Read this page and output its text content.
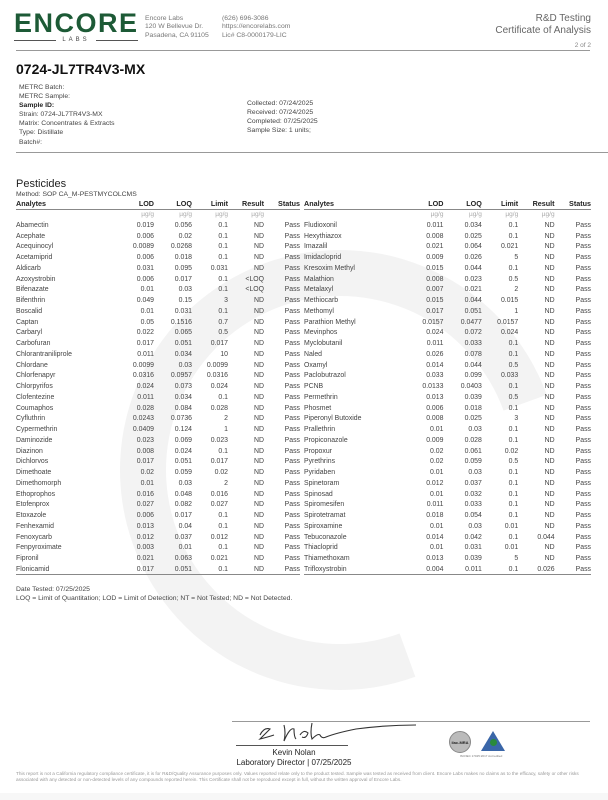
ENCORE
LABS
Encore Labs
120 W Bellevue Dr.
Pasadena, CA 91105
(626) 696-3086
https://encorelabs.com
Lic# C8-0000179-LIC
R&D Testing
Certificate of Analysis
2 of 2
0724-JL7TR4V3-MX
METRC Batch:
METRC Sample:
Sample ID:
Strain: 0724-JL7TR4V3-MX
Matrix: Concentrates & Extracts
Type: Distillate
Batch#:
Collected: 07/24/2025
Received: 07/24/2025
Completed: 07/25/2025
Sample Size: 1 units;
Pesticides
Method: SOP CA_M-PESTMYCOLCMS
Analytes	LOD	LOQ	Limit	Result	Status
	µg/g	µg/g	µg/g	µg/g	
Abamectin	0.019	0.056	0.1	ND	Pass
Acephate	0.006	0.02	0.1	ND	Pass
Acequinocyl	0.0089	0.0268	0.1	ND	Pass
Acetamiprid	0.006	0.018	0.1	ND	Pass
Aldicarb	0.031	0.095	0.031	ND	Pass
Azoxystrobin	0.006	0.017	0.1	<LOQ	Pass
Bifenazate	0.01	0.03	0.1	<LOQ	Pass
Bifenthrin	0.049	0.15	3	ND	Pass
Boscalid	0.01	0.031	0.1	ND	Pass
Captan	0.05	0.1516	0.7	ND	Pass
Carbaryl	0.022	0.065	0.5	ND	Pass
Carbofuran	0.017	0.051	0.017	ND	Pass
Chlorantraniliprole	0.011	0.034	10	ND	Pass
Chlordane	0.0099	0.03	0.0099	ND	Pass
Chlorfenapyr	0.0316	0.0957	0.0316	ND	Pass
Chlorpyrifos	0.024	0.073	0.024	ND	Pass
Clofentezine	0.011	0.034	0.1	ND	Pass
Coumaphos	0.028	0.084	0.028	ND	Pass
Cyfluthrin	0.0243	0.0736	2	ND	Pass
Cypermethrin	0.0409	0.124	1	ND	Pass
Daminozide	0.023	0.069	0.023	ND	Pass
Diazinon	0.008	0.024	0.1	ND	Pass
Dichlorvos	0.017	0.051	0.017	ND	Pass
Dimethoate	0.02	0.059	0.02	ND	Pass
Dimethomorph	0.01	0.03	2	ND	Pass
Ethoprophos	0.016	0.048	0.016	ND	Pass
Etofenprox	0.027	0.082	0.027	ND	Pass
Etoxazole	0.006	0.017	0.1	ND	Pass
Fenhexamid	0.013	0.04	0.1	ND	Pass
Fenoxycarb	0.012	0.037	0.012	ND	Pass
Fenpyroximate	0.003	0.01	0.1	ND	Pass
Fipronil	0.021	0.063	0.021	ND	Pass
Flonicamid	0.017	0.051	0.1	ND	Pass
Analytes	LOD	LOQ	Limit	Result	Status
	µg/g	µg/g	µg/g	µg/g	
Fludioxonil	0.011	0.034	0.1	ND	Pass
Hexythiazox	0.008	0.025	0.1	ND	Pass
Imazalil	0.021	0.064	0.021	ND	Pass
Imidacloprid	0.009	0.026	5	ND	Pass
Kresoxim Methyl	0.015	0.044	0.1	ND	Pass
Malathion	0.008	0.023	0.5	ND	Pass
Metalaxyl	0.007	0.021	2	ND	Pass
Methiocarb	0.015	0.044	0.015	ND	Pass
Methomyl	0.017	0.051	1	ND	Pass
Parathion Methyl	0.0157	0.0477	0.0157	ND	Pass
Mevinphos	0.024	0.072	0.024	ND	Pass
Myclobutanil	0.011	0.033	0.1	ND	Pass
Naled	0.026	0.078	0.1	ND	Pass
Oxamyl	0.014	0.044	0.5	ND	Pass
Paclobutrazol	0.033	0.099	0.033	ND	Pass
PCNB	0.0133	0.0403	0.1	ND	Pass
Permethrin	0.013	0.039	0.5	ND	Pass
Phosmet	0.006	0.018	0.1	ND	Pass
Piperonyl Butoxide	0.008	0.025	3	ND	Pass
Prallethrin	0.01	0.03	0.1	ND	Pass
Propiconazole	0.009	0.028	0.1	ND	Pass
Propoxur	0.02	0.061	0.02	ND	Pass
Pyrethrins	0.02	0.059	0.5	ND	Pass
Pyridaben	0.01	0.03	0.1	ND	Pass
Spinetoram	0.012	0.037	0.1	ND	Pass
Spinosad	0.01	0.032	0.1	ND	Pass
Spiromesifen	0.011	0.033	0.1	ND	Pass
Spirotetramat	0.018	0.054	0.1	ND	Pass
Spiroxamine	0.01	0.03	0.01	ND	Pass
Tebuconazole	0.014	0.042	0.1	0.044	Pass
Thiacloprid	0.01	0.031	0.01	ND	Pass
Thiamethoxam	0.013	0.039	5	ND	Pass
Trifloxystrobin	0.004	0.011	0.1	0.026	Pass
Date Tested: 07/25/2025
LOQ = Limit of Quantitation; LOD = Limit of Detection; NT = Not Tested; ND = Not Detected.
Kevin Nolan
Laboratory Director | 07/25/2025
ilac-MRA
ISO/IEC 17025:2017 Accredited
This report is not a California regulatory compliance certificate, it is for R&D/Quality Assurance purposes only. Values reported relate only to the product tested. Sample was tested as received from client. Encore Labs makes no claims as to the efficacy, safety or other risks associated with any detected or non-detected levels of any compounds reported herein. This Certificate shall not be reproduced except in full, without the written approval of Encore Labs.
